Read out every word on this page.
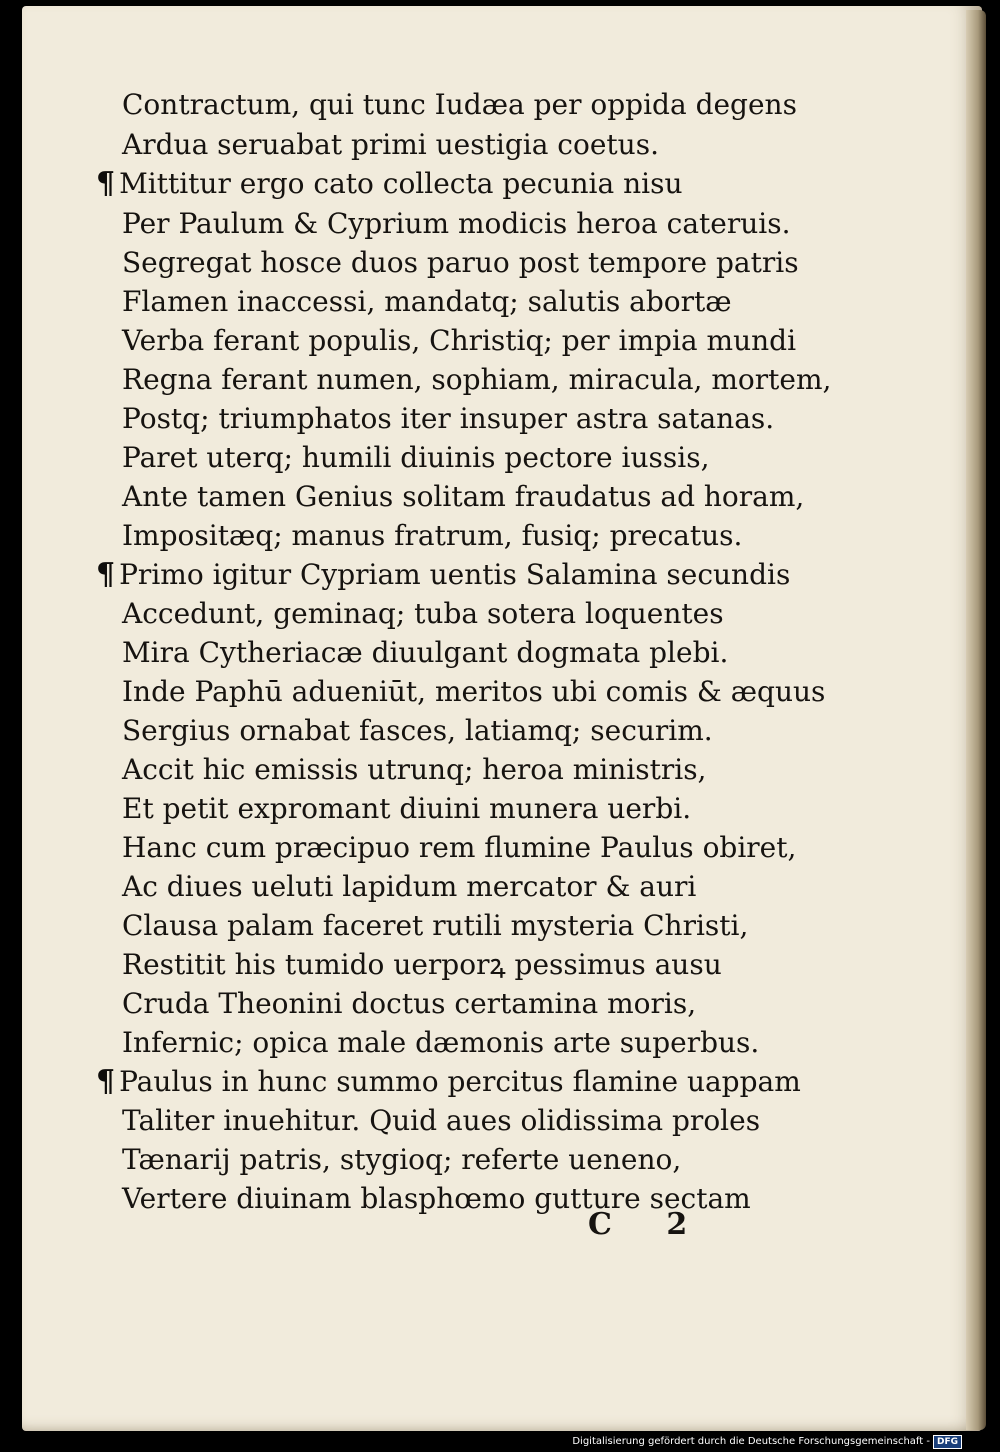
Contractum, qui tunc Iudæa per oppida degens
Ardua seruabat primi uestigia coetus.
¶ Mittitur ergo cato collecta pecunia nisu
Per Paulum & Cyprium modicis heroa cateruis.
Segregat hosce duos paruo post tempore patris
Flamen inaccessi, mandatq; salutis abortæ
Verba ferant populis, Christiq; per impia mundi
Regna ferant numen, sophiam, miracula, mortem,
Postq; triumphatos iter insuper astra satanas.
Paret uterq; humili diuinis pectore iussis,
Ante tamen Genius solitam fraudatus ad horam,
Impositæq; manus fratrum, fusiq; precatus.
¶ Primo igitur Cypriam uentis Salamina secundis
Accedunt, geminaq; tuba sotera loquentes
Mira Cytheriacæ diuulgant dogmata plebi.
Inde Paphū adueniūt, meritos ubi comis & æquus
Sergius ornabat fasces, latiamq; securim.
Accit hic emissis utrunq; heroa ministris,
Et petit expromant diuini munera uerbi.
Hanc cum præcipuo rem flumine Paulus obiret,
Ac diues ueluti lapidum mercator & auri
Clausa palam faceret rutili mysteria Christi,
Restitit his tumido uerporꝝ pessimus ausu
Cruda Theonini doctus certamina moris,
Infernic; opica male dæmonis arte superbus.
¶ Paulus in hunc summo percitus flamine uappam
Taliter inuehitur. Quid aues olidissima proles
Tænarij patris, stygioq; referte ueneno,
Vertere diuinam blasphœmo gutture sectam
C 2
Digitalisierung gefördert durch die Deutsche Forschungsgemeinschaft - DFG
